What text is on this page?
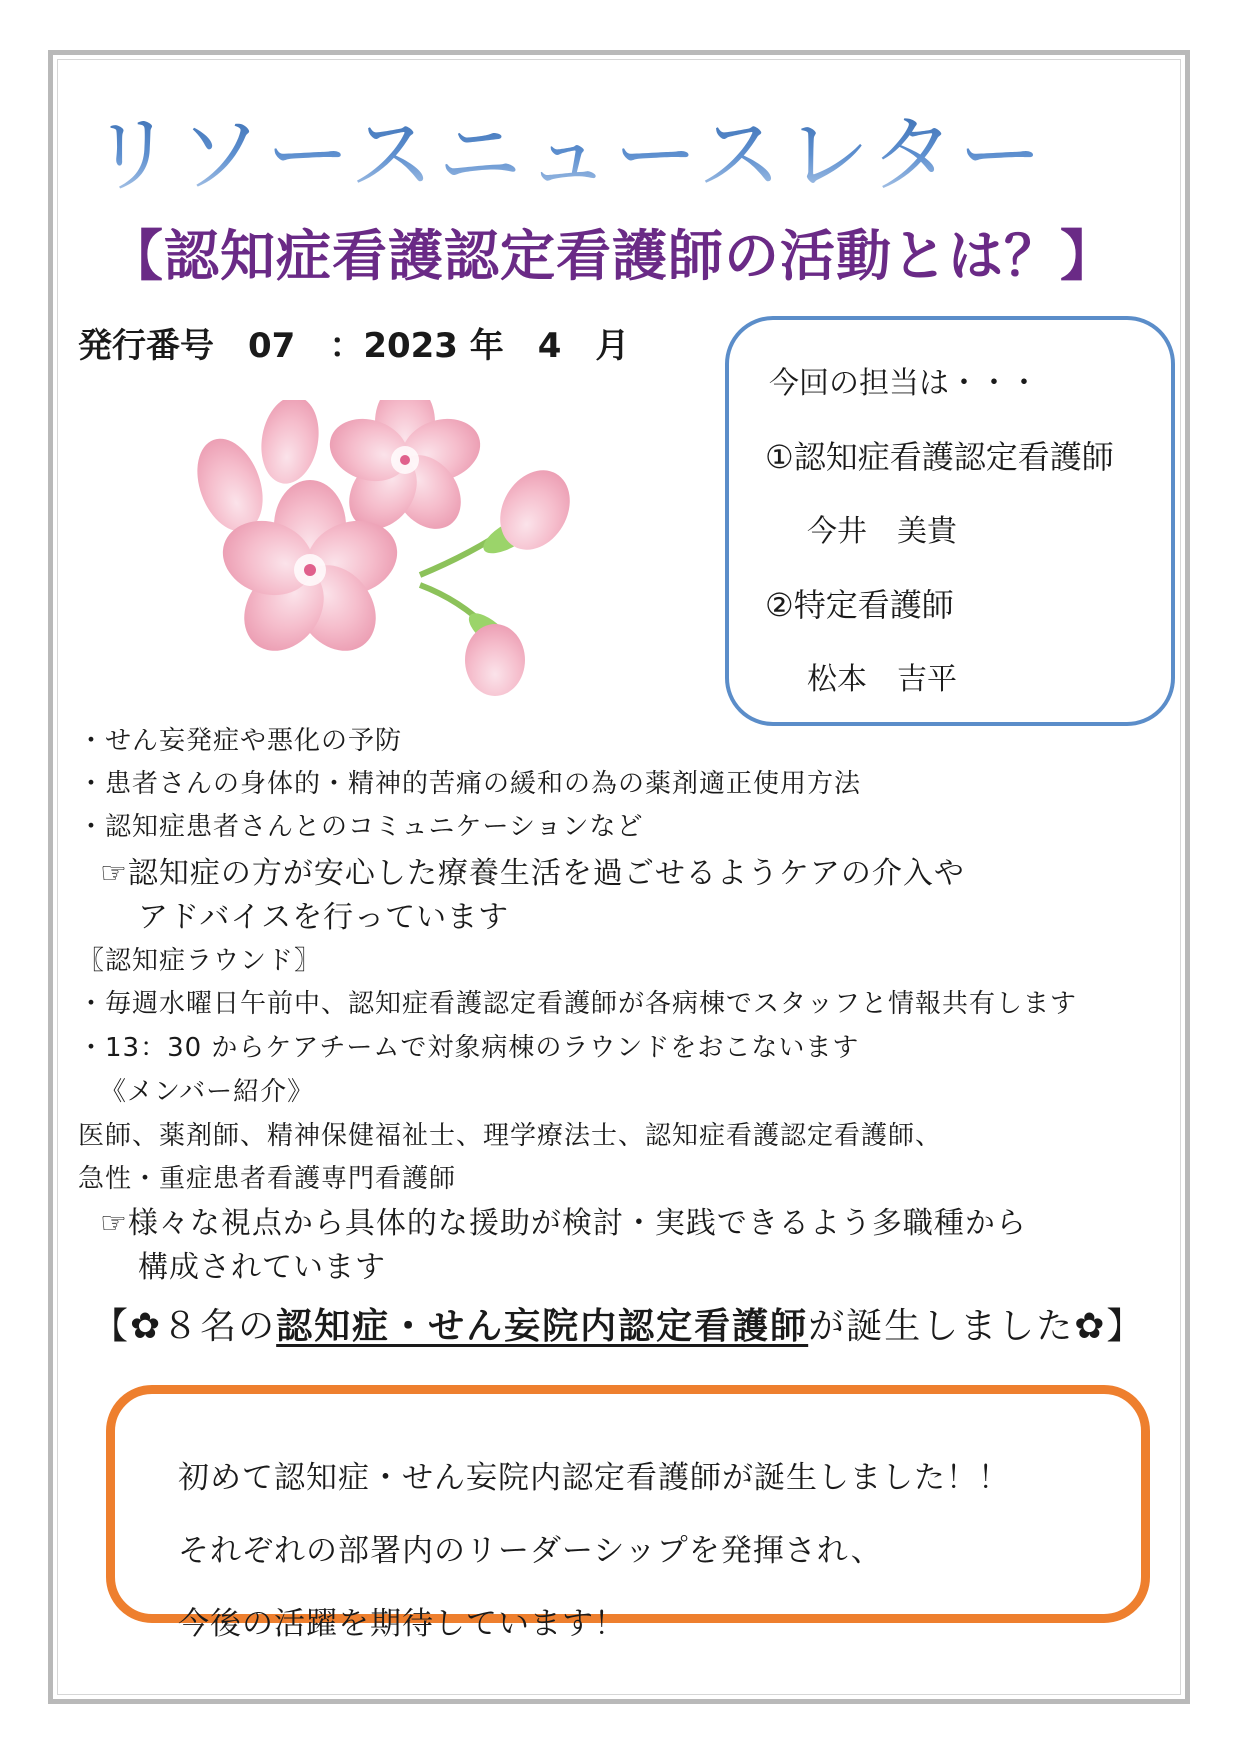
リソースニュースレター
【認知症看護認定看護師の活動とは？】
発行番号　07　：2023 年　4　月
今回の担当は・・・
①認知症看護認定看護師
今井　美貴
②特定看護師
松本　吉平
・せん妄発症や悪化の予防
・患者さんの身体的・精神的苦痛の緩和の為の薬剤適正使用方法
・認知症患者さんとのコミュニケーションなど
☞認知症の方が安心した療養生活を過ごせるようケアの介入や
アドバイスを行っています
〖認知症ラウンド〗
・毎週水曜日午前中、認知症看護認定看護師が各病棟でスタッフと情報共有します
・13：30 からケアチームで対象病棟のラウンドをおこないます
《メンバー紹介》
医師、薬剤師、精神保健福祉士、理学療法士、認知症看護認定看護師、
急性・重症患者看護専門看護師
☞様々な視点から具体的な援助が検討・実践できるよう多職種から
構成されています
【✿８名の認知症・せん妄院内認定看護師が誕生しました✿】
初めて認知症・せん妄院内認定看護師が誕生しました！！
それぞれの部署内のリーダーシップを発揮され、
今後の活躍を期待しています！
